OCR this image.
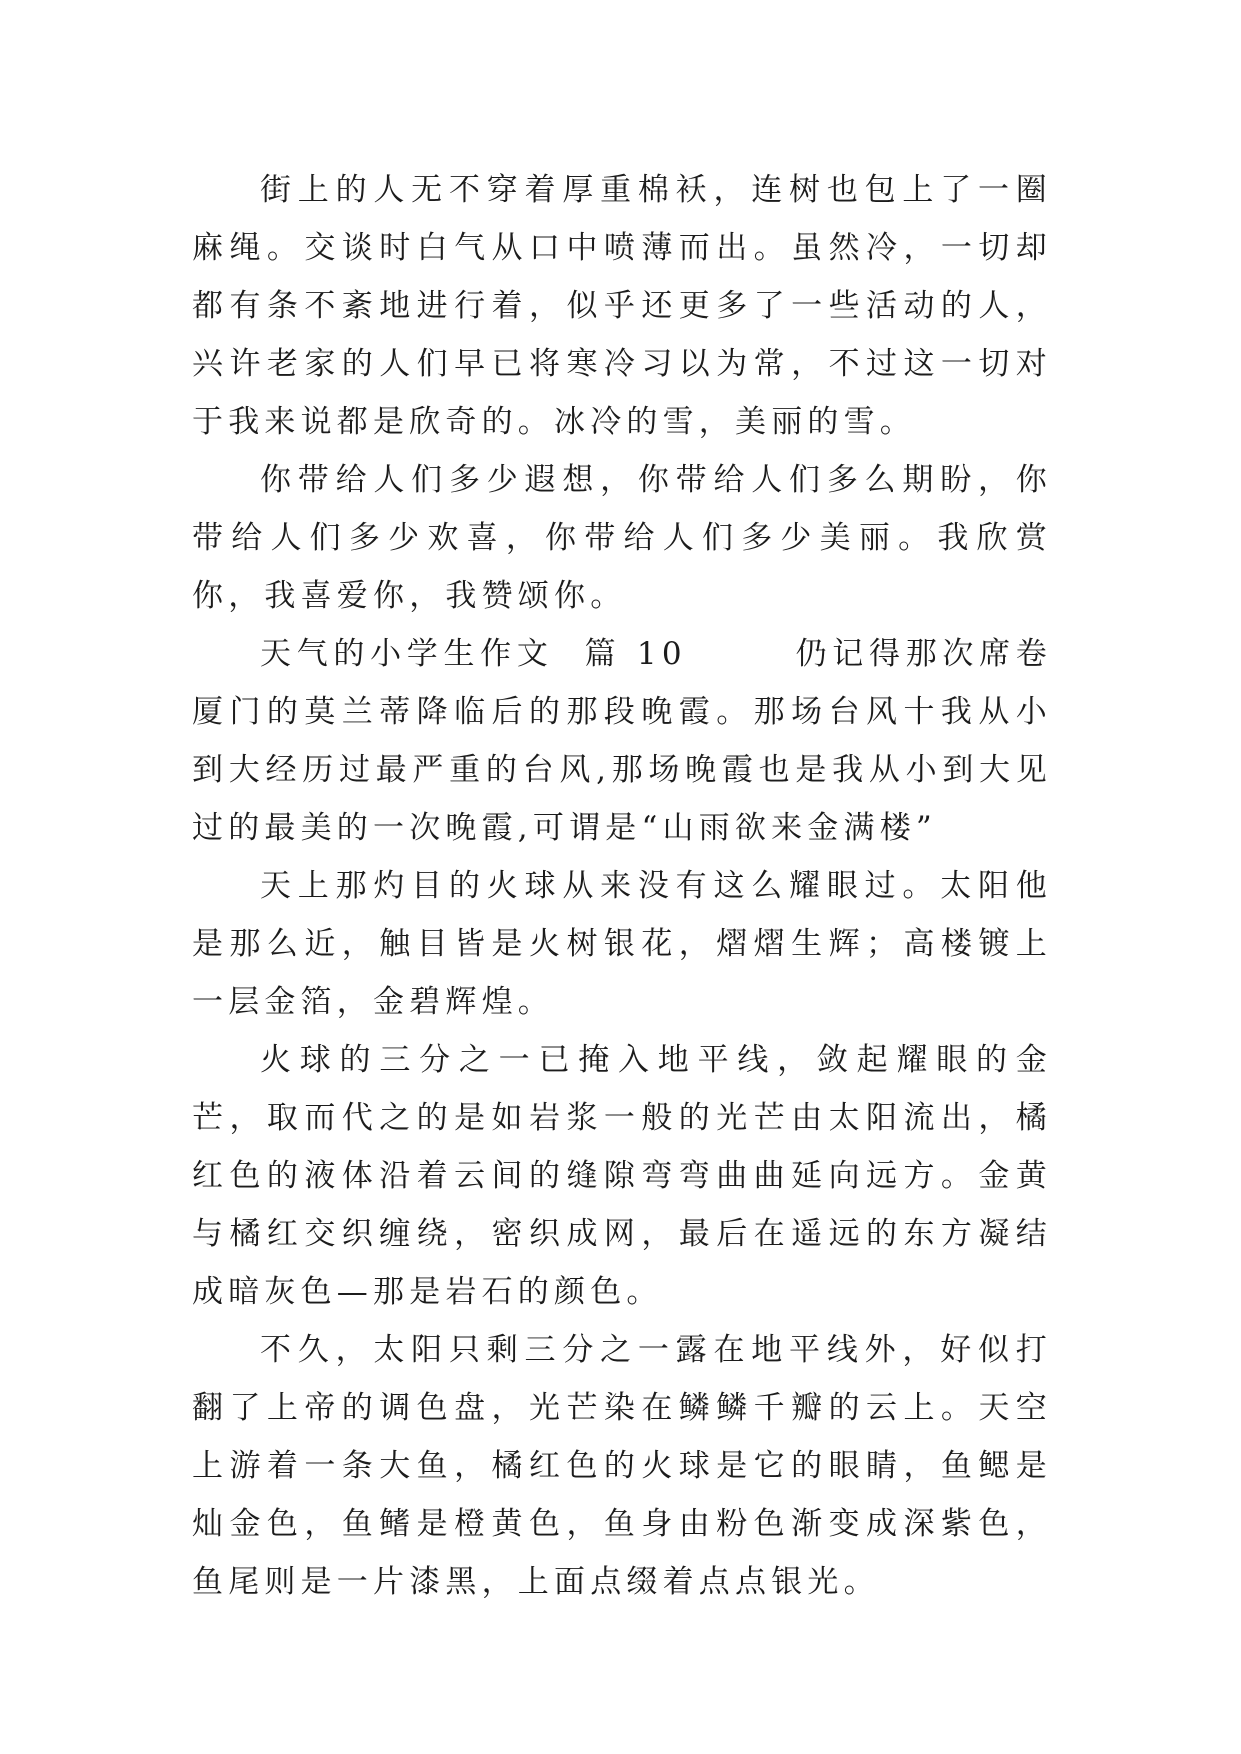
街上的人无不穿着厚重棉袄，连树也包上了一圈麻绳。交谈时白气从口中喷薄而出。虽然冷，一切却都有条不紊地进行着，似乎还更多了一些活动的人，兴许老家的人们早已将寒冷习以为常，不过这一切对于我来说都是欣奇的。冰冷的雪，美丽的雪。

你带给人们多少遐想，你带给人们多么期盼，你带给人们多少欢喜，你带给人们多少美丽。我欣赏你，我喜爱你，我赞颂你。

天气的小学生作文  篇 10       仍记得那次席卷厦门的莫兰蒂降临后的那段晚霞。那场台风十我从小到大经历过最严重的台风,那场晚霞也是我从小到大见过的最美的一次晚霞,可谓是“山雨欲来金满楼”

天上那灼目的火球从来没有这么耀眼过。太阳他是那么近，触目皆是火树银花，熠熠生辉；高楼镀上一层金箔，金碧辉煌。

火球的三分之一已掩入地平线，敛起耀眼的金芒，取而代之的是如岩浆一般的光芒由太阳流出，橘红色的液体沿着云间的缝隙弯弯曲曲延向远方。金黄与橘红交织缠绕，密织成网，最后在遥远的东方凝结成暗灰色—那是岩石的颜色。

不久，太阳只剩三分之一露在地平线外，好似打翻了上帝的调色盘，光芒染在鳞鳞千瓣的云上。天空上游着一条大鱼，橘红色的火球是它的眼睛，鱼鳃是灿金色，鱼鳍是橙黄色，鱼身由粉色渐变成深紫色，鱼尾则是一片漆黑，上面点缀着点点银光。
